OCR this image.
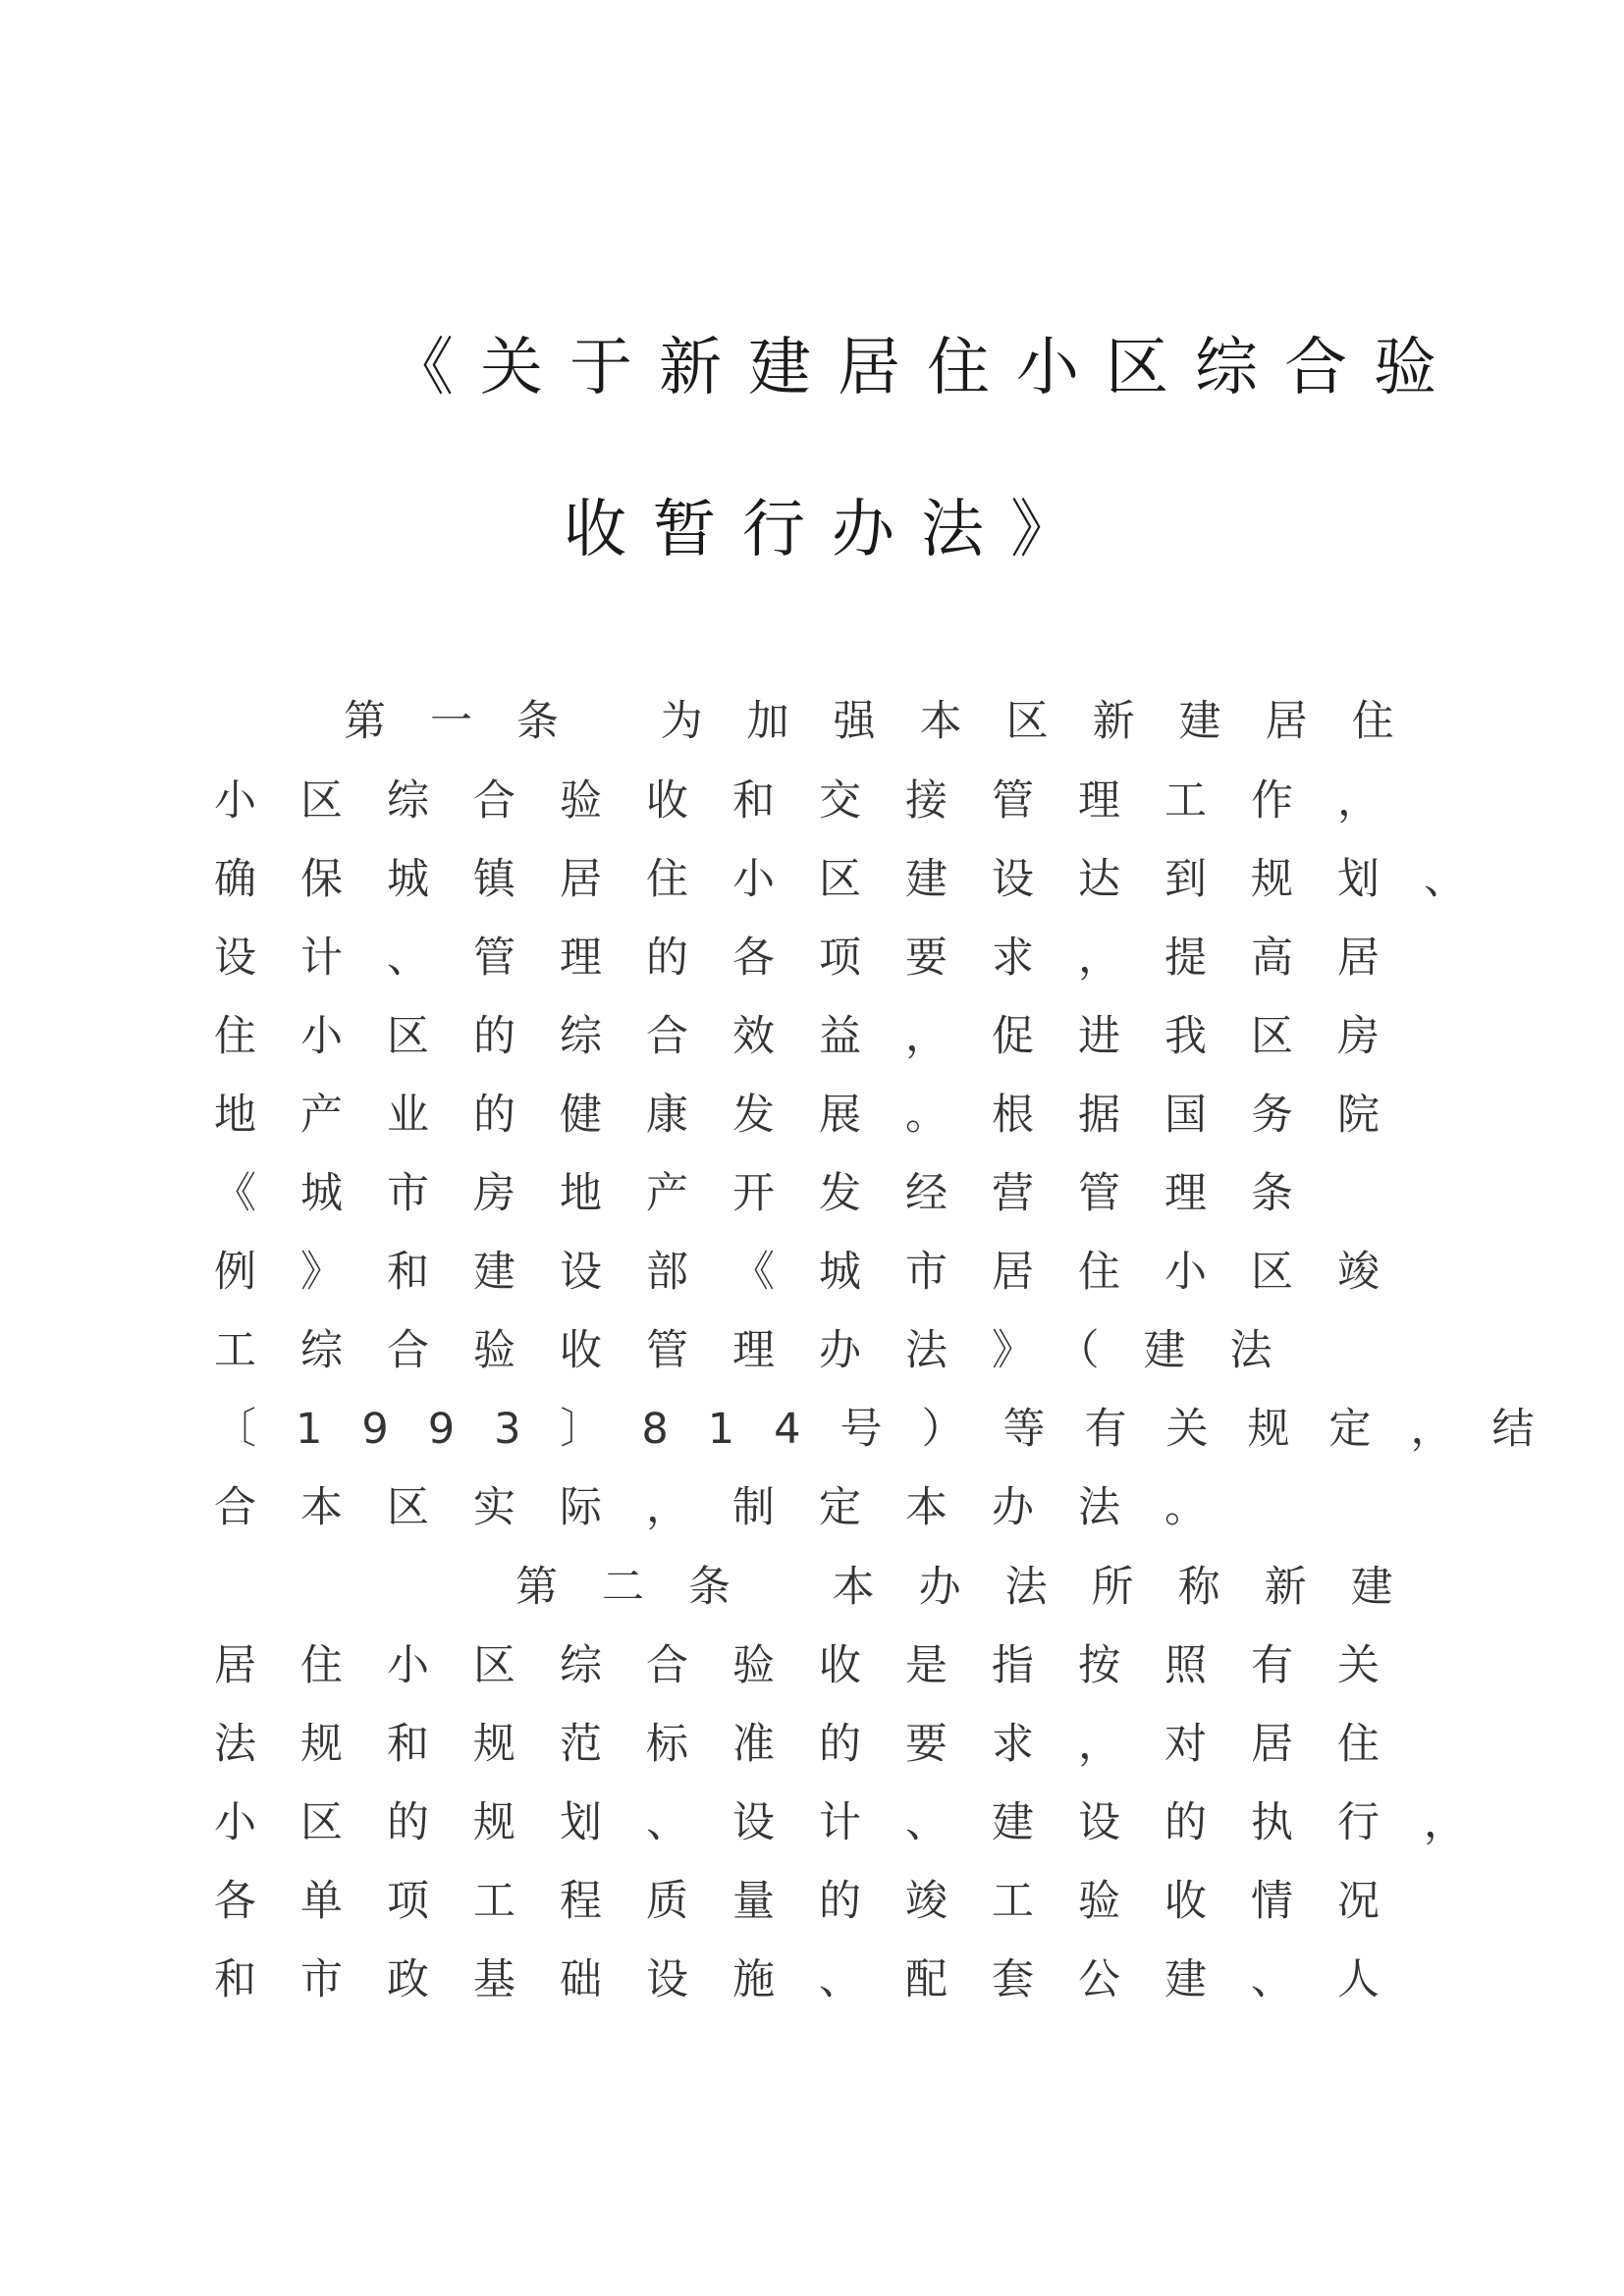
《关于新建居住小区综合验
收暂行办法》
第一条 为加强本区新建居住
小区综合验收和交接管理工作，
确保城镇居住小区建设达到规划、
设计、管理的各项要求，提高居
住小区的综合效益，促进我区房
地产业的健康发展。根据国务院
《城市房地产开发经营管理条
例》和建设部《城市居住小区竣
工综合验收管理办法》（建法
〔1993〕814号）等有关规定，结
合本区实际，制定本办法。
第二条 本办法所称新建
居住小区综合验收是指按照有关
法规和规范标准的要求，对居住
小区的规划、设计、建设的执行，
各单项工程质量的竣工验收情况
和市政基础设施、配套公建、人
